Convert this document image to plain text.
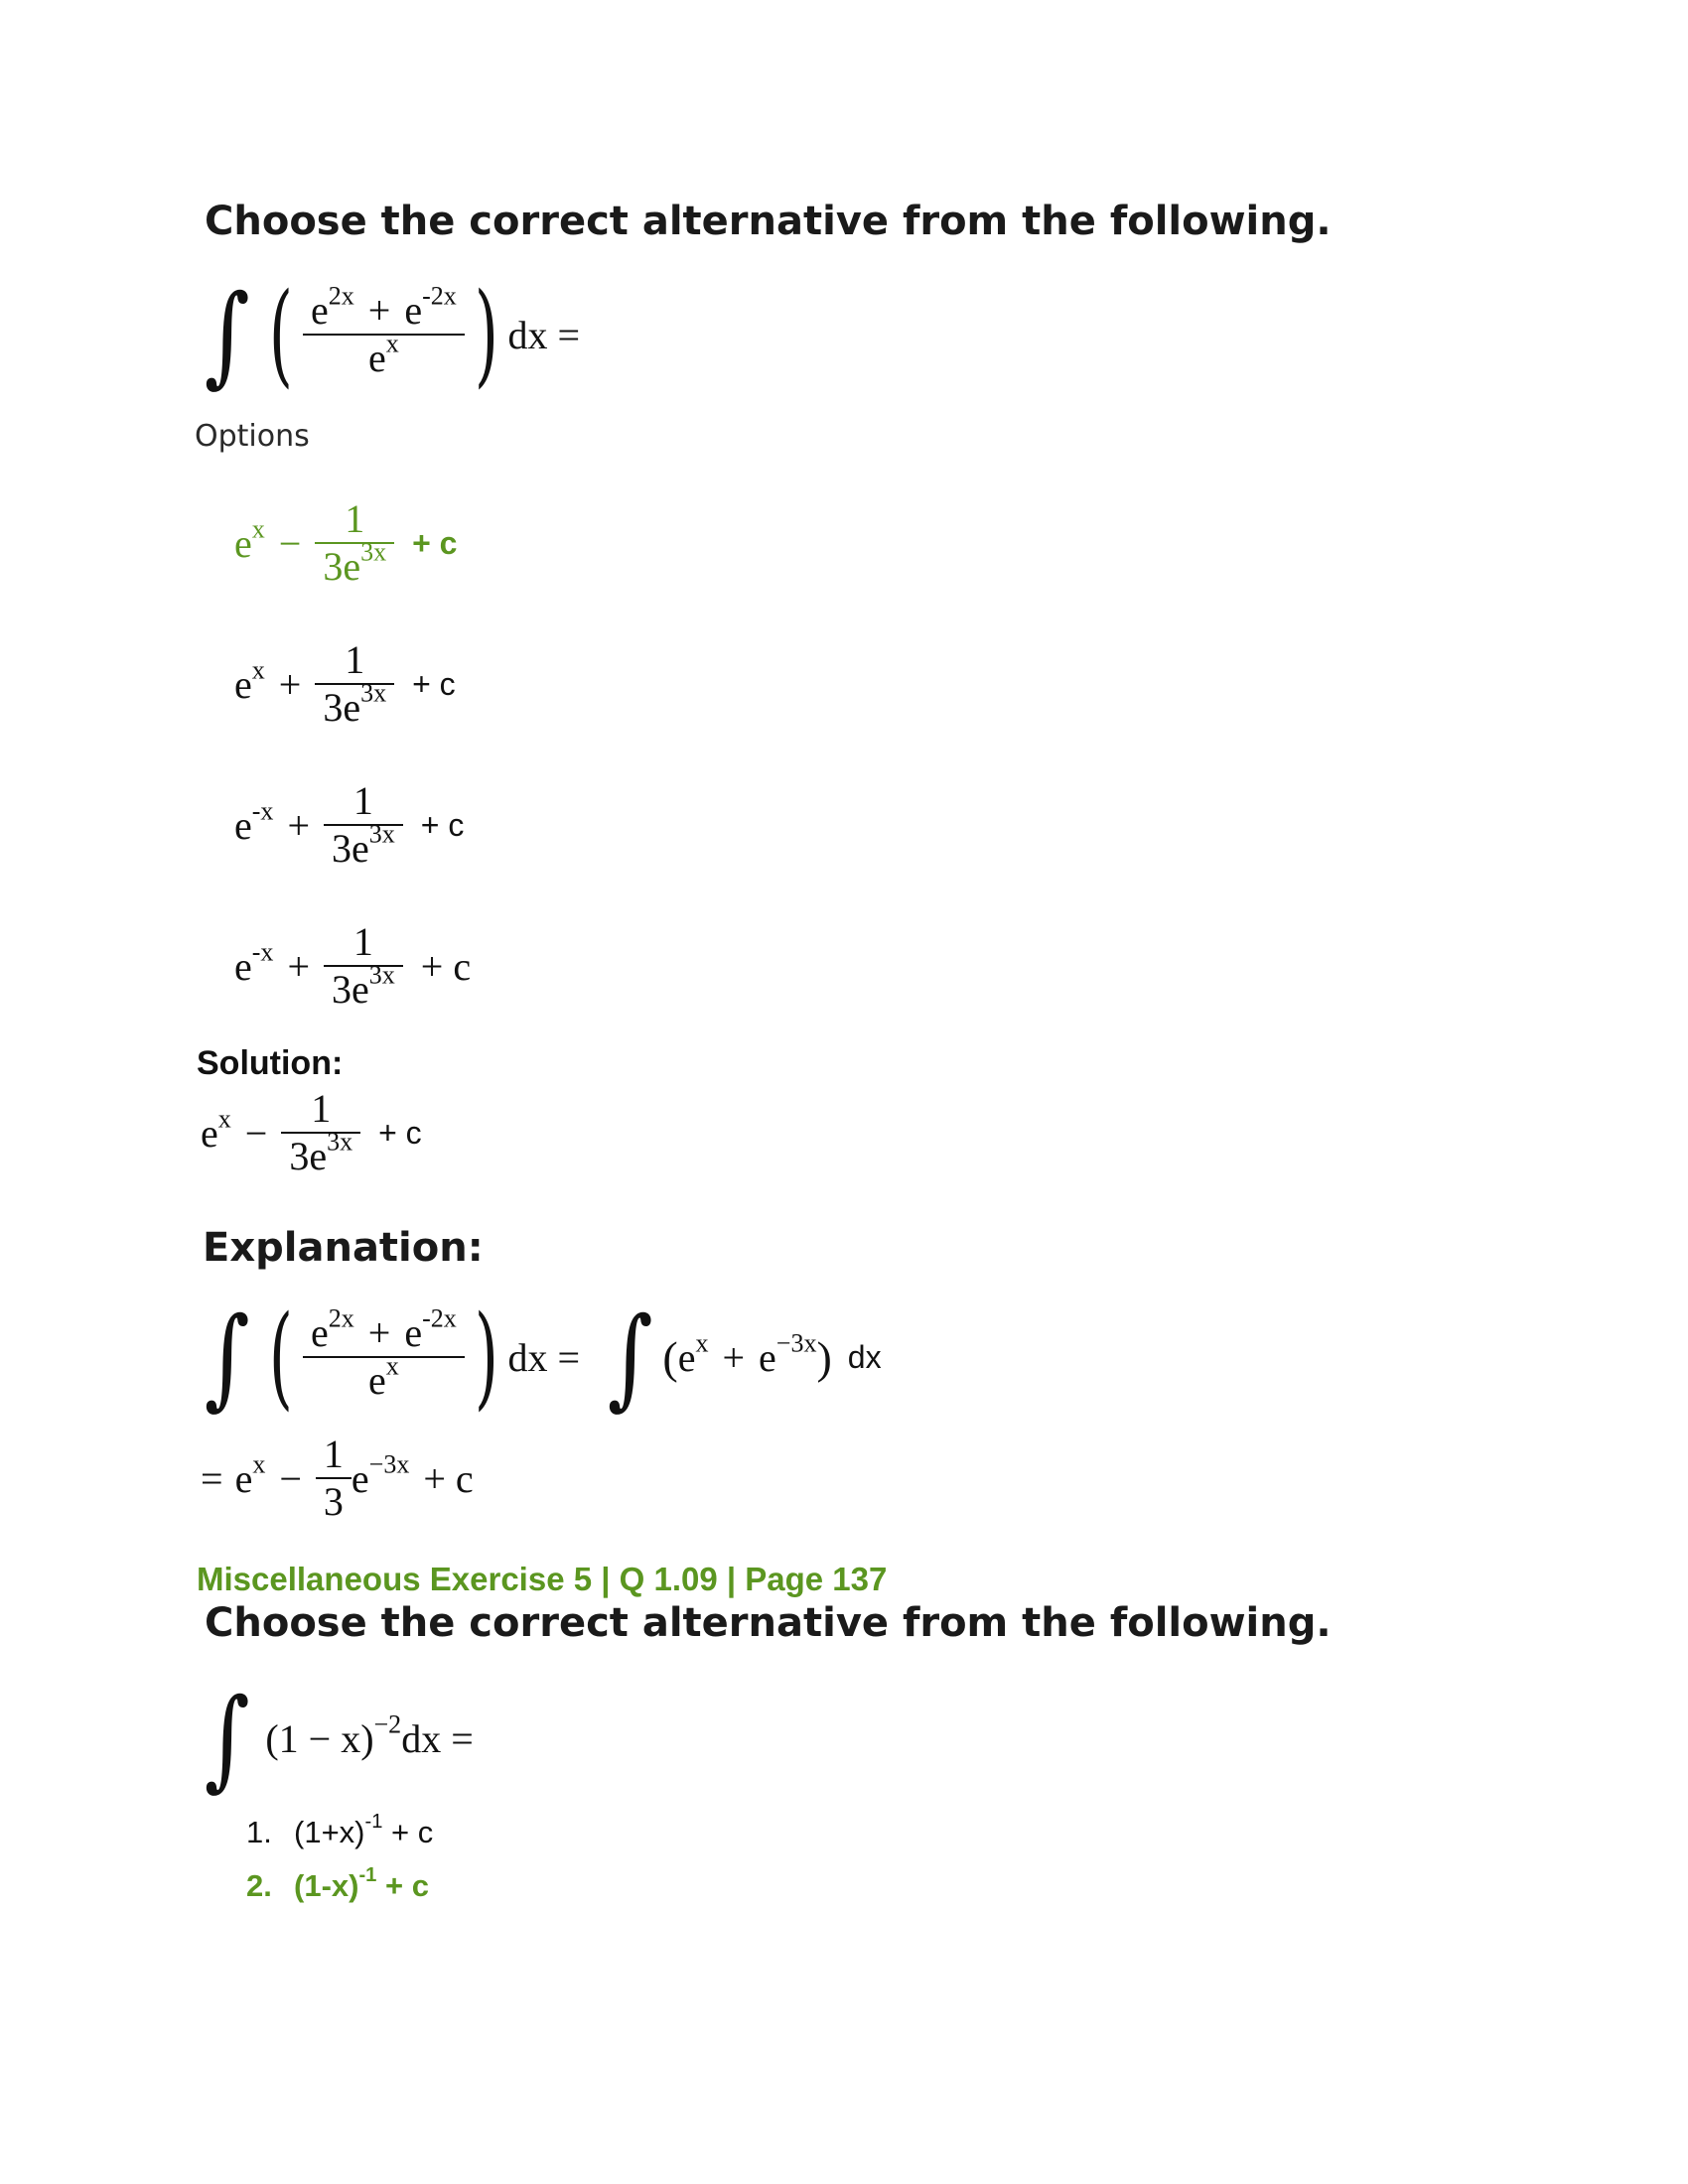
Choose the correct alternative from the following.
∫ ( $\frac{e^{2x} + e^{-2x}}{e^x}$ ) dx =
Options
$e^x - \frac{1}{3e^{3x}} + c$
$e^x + \frac{1}{3e^{3x}} + c$
$e^{-x} + \frac{1}{3e^{3x}} + c$
$e^{-x} + \frac{1}{3e^{3x}} + c$
Solution:
$e^x - \frac{1}{3e^{3x}} + c$
Explanation:
∫ ( $\frac{e^{2x} + e^{-2x}}{e^x}$ ) dx = ∫ ( $e^x + e^{-3x}$ ) dx
= $e^x - \frac{1}{3} e^{-3x} + c$
Miscellaneous Exercise 5 | Q 1.09 | Page 137
Choose the correct alternative from the following.
∫ $(1 - x)^{-2}$ dx =
1. $(1+x)^{-1} + c$
2. $(1-x)^{-1} + c$
